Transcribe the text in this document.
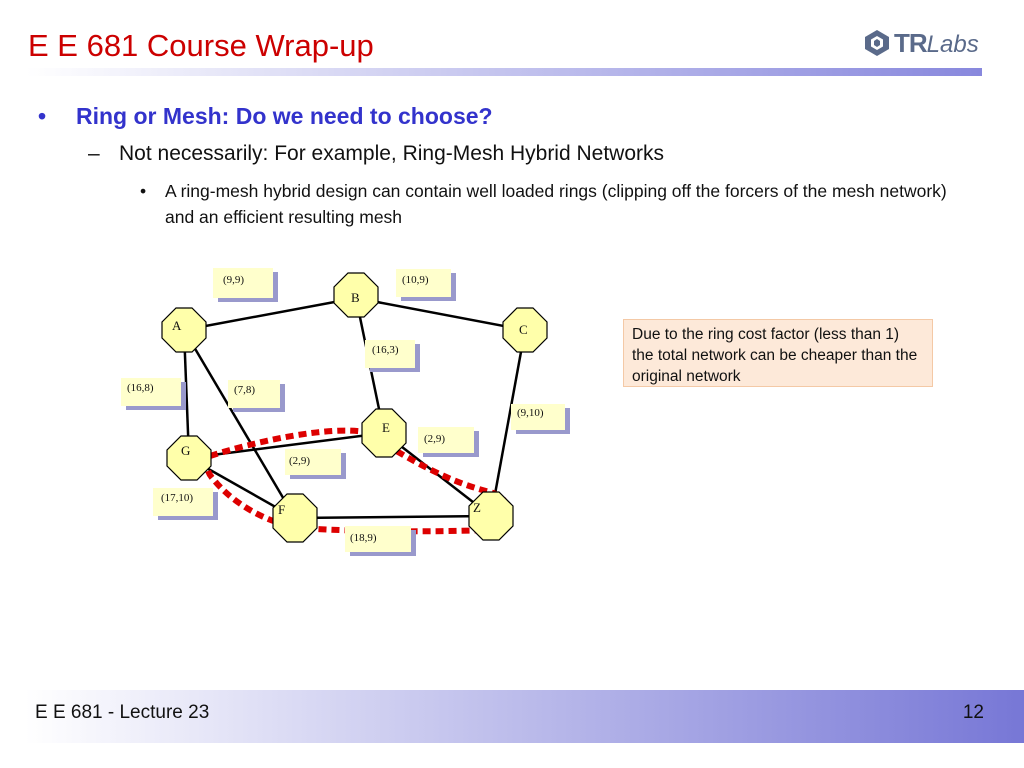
E E 681 Course Wrap-up	TRLabs
• Ring or Mesh: Do we need to choose?
– Not necessarily: For example, Ring-Mesh Hybrid Networks
• A ring-mesh hybrid design can contain well loaded rings (clipping off the forcers of the mesh network) and an efficient resulting mesh
(9,9)	(10,9)
(16,3)
(16,8)	(7,8)
(9,10)
(2,9)
(2,9)
(17,10)
(18,9)
A
B
C
E
G
F	Z
Due to the ring cost factor (less than 1) the total network can be cheaper than the original network
E E 681 - Lecture 23	12
